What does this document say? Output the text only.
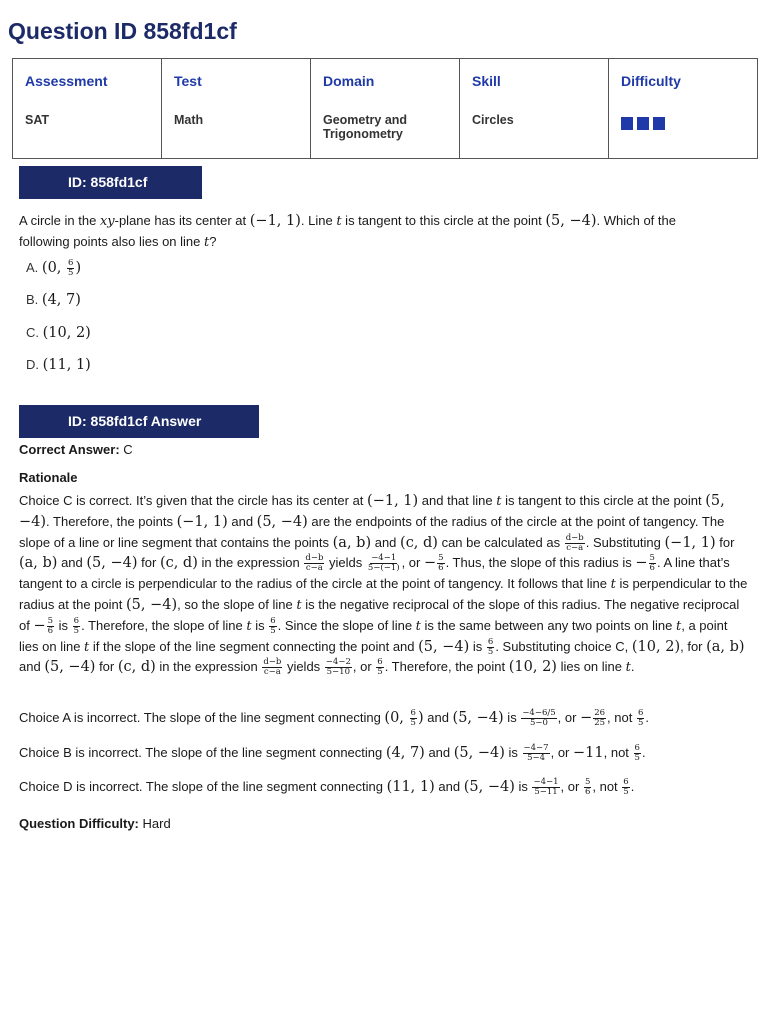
Question ID 858fd1cf
Assessment
SAT

Test
Math

Domain
Geometry and Trigonometry

Skill
Circles

Difficulty
ID: 858fd1cf
A circle in the xy-plane has its center at (−1, 1). Line t is tangent to this circle at the point (5, −4). Which of the following points also lies on line t?
A. (0, $\frac{6}{5}$ )
B. (4, 7)
C. (10, 2)
D. (11, 1)
ID: 858fd1cf Answer
Correct Answer: C
Rationale
Choice C is correct. It’s given that the circle has its center at (−1, 1) and that line t is tangent to this circle at the point (5, −4). Therefore, the points (−1, 1) and (5, −4) are the endpoints of the radius of the circle at the point of tangency. The slope of a line or line segment that contains the points (a, b) and (c, d) can be calculated as $\frac{d-b}{c-a}$ . Substituting (−1, 1) for (a, b) and (5, −4) for (c, d) in the expression $\frac{d-b}{c-a}$ yields $\frac{-4-1}{5-(-1)}$ , or − $\frac{5}{6}$ . Thus, the slope of this radius is − $\frac{5}{6}$ . A line that’s tangent to a circle is perpendicular to the radius of the circle at the point of tangency. It follows that line t is perpendicular to the radius at the point (5, −4), so the slope of line t is the negative reciprocal of the slope of this radius. The negative reciprocal of − $\frac{5}{6}$ is $\frac{6}{5}$ . Therefore, the slope of line t is $\frac{6}{5}$ . Since the slope of line t is the same between any two points on line t, a point lies on line t if the slope of the line segment connecting the point and (5, −4) is $\frac{6}{5}$ . Substituting choice C, (10, 2), for (a, b) and (5, −4) for (c, d) in the expression $\frac{d-b}{c-a}$ yields $\frac{-4-2}{5-10}$ , or $\frac{6}{5}$ . Therefore, the point (10, 2) lies on line t.
Choice A is incorrect. The slope of the line segment connecting (0, $\frac{6}{5}$ ) and (5, −4) is $\frac{-4-6/5}{5-0}$ , or − $\frac{26}{25}$ , not $\frac{6}{5}$ .
Choice B is incorrect. The slope of the line segment connecting (4, 7) and (5, −4) is $\frac{-4-7}{5-4}$ , or −11, not $\frac{6}{5}$ .
Choice D is incorrect. The slope of the line segment connecting (11, 1) and (5, −4) is $\frac{-4-1}{5-11}$ , or $\frac{5}{6}$ , not $\frac{6}{5}$ .
Question Difficulty: Hard
